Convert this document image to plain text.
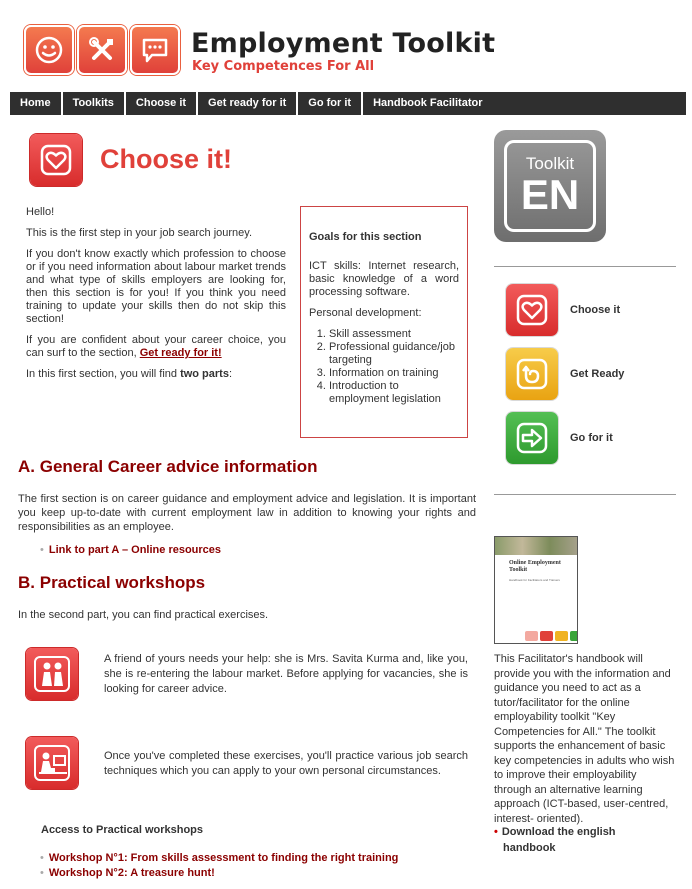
Employment Toolkit
Key Competences For All
Home	Toolkits	Choose it	Get ready for it	Go for it	Handbook Facilitator
Choose it!

Hello!

This is the first step in your job search journey.

If you don't know exactly which profession to choose or if you need information about labour market trends and what type of skills employers are looking for, then this section is for you! If you think you need training to update your skills then do not skip this section!

If you are confident about your career choice, you can surf to the section, Get ready for it!

In this first section, you will find two parts:

Goals for this section

ICT skills: Internet research, basic knowledge of a word processing software.

Personal development:

1. Skill assessment
2. Professional guidance/job targeting
3. Information on training
4. Introduction to employment legislation
A. General Career advice information
The first section is on career guidance and employment advice and legislation. It is important you keep up-to-date with current employment law in addition to knowing your rights and responsibilities as an employee.
• Link to part A – Online resources
B. Practical workshops
In the second part, you can find practical exercises.
A friend of yours needs your help: she is Mrs. Savita Kurma and, like you, she is re-entering the labour market. Before applying for vacancies, she is looking for career advice.
Once you've completed these exercises, you'll practice various job search techniques which you can apply to your own personal circumstances.
Access to Practical workshops
• Workshop N°1: From skills assessment to finding the right training
• Workshop N°2: A treasure hunt!
Toolkit
EN
Choose it
Get Ready
Go for it
Online Employment Toolkit
Handbook for Facilitators and Trainers
This Facilitator's handbook will provide you with the information and guidance you need to act as a tutor/facilitator for the online employability toolkit "Key Competencies for All." The toolkit supports the enhancement of basic key competencies in adults who wish to improve their employability through an alternative learning approach (ICT-based, user-centred, interest- oriented).
• Download the english
handbook
